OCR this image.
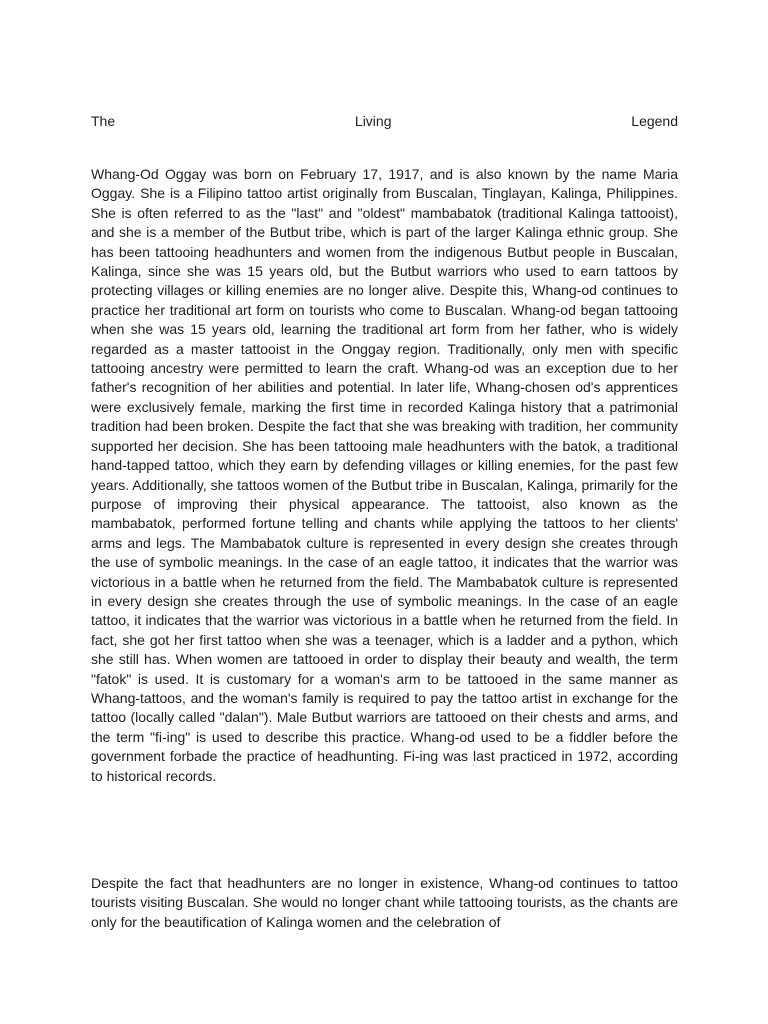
The	Living	Legend

Whang-Od Oggay was born on February 17, 1917, and is also known by the name Maria Oggay. She is a Filipino tattoo artist originally from Buscalan, Tinglayan, Kalinga, Philippines. She is often referred to as the "last" and "oldest" mambabatok (traditional Kalinga tattooist), and she is a member of the Butbut tribe, which is part of the larger Kalinga ethnic group. She has been tattooing headhunters and women from the indigenous Butbut people in Buscalan, Kalinga, since she was 15 years old, but the Butbut warriors who used to earn tattoos by protecting villages or killing enemies are no longer alive. Despite this, Whang-od continues to practice her traditional art form on tourists who come to Buscalan. Whang-od began tattooing when she was 15 years old, learning the traditional art form from her father, who is widely regarded as a master tattooist in the Onggay region. Traditionally, only men with specific tattooing ancestry were permitted to learn the craft. Whang-od was an exception due to her father's recognition of her abilities and potential. In later life, Whang-chosen od's apprentices were exclusively female, marking the first time in recorded Kalinga history that a patrimonial tradition had been broken. Despite the fact that she was breaking with tradition, her community supported her decision. She has been tattooing male headhunters with the batok, a traditional hand-tapped tattoo, which they earn by defending villages or killing enemies, for the past few years. Additionally, she tattoos women of the Butbut tribe in Buscalan, Kalinga, primarily for the purpose of improving their physical appearance. The tattooist, also known as the mambabatok, performed fortune telling and chants while applying the tattoos to her clients' arms and legs. The Mambabatok culture is represented in every design she creates through the use of symbolic meanings. In the case of an eagle tattoo, it indicates that the warrior was victorious in a battle when he returned from the field. The Mambabatok culture is represented in every design she creates through the use of symbolic meanings. In the case of an eagle tattoo, it indicates that the warrior was victorious in a battle when he returned from the field. In fact, she got her first tattoo when she was a teenager, which is a ladder and a python, which she still has. When women are tattooed in order to display their beauty and wealth, the term "fatok" is used. It is customary for a woman's arm to be tattooed in the same manner as Whang-tattoos, and the woman's family is required to pay the tattoo artist in exchange for the tattoo (locally called "dalan"). Male Butbut warriors are tattooed on their chests and arms, and the term "fi-ing" is used to describe this practice. Whang-od used to be a fiddler before the government forbade the practice of headhunting. Fi-ing was last practiced in 1972, according to historical records.

Despite the fact that headhunters are no longer in existence, Whang-od continues to tattoo tourists visiting Buscalan. She would no longer chant while tattooing tourists, as the chants are only for the beautification of Kalinga women and the celebration of
